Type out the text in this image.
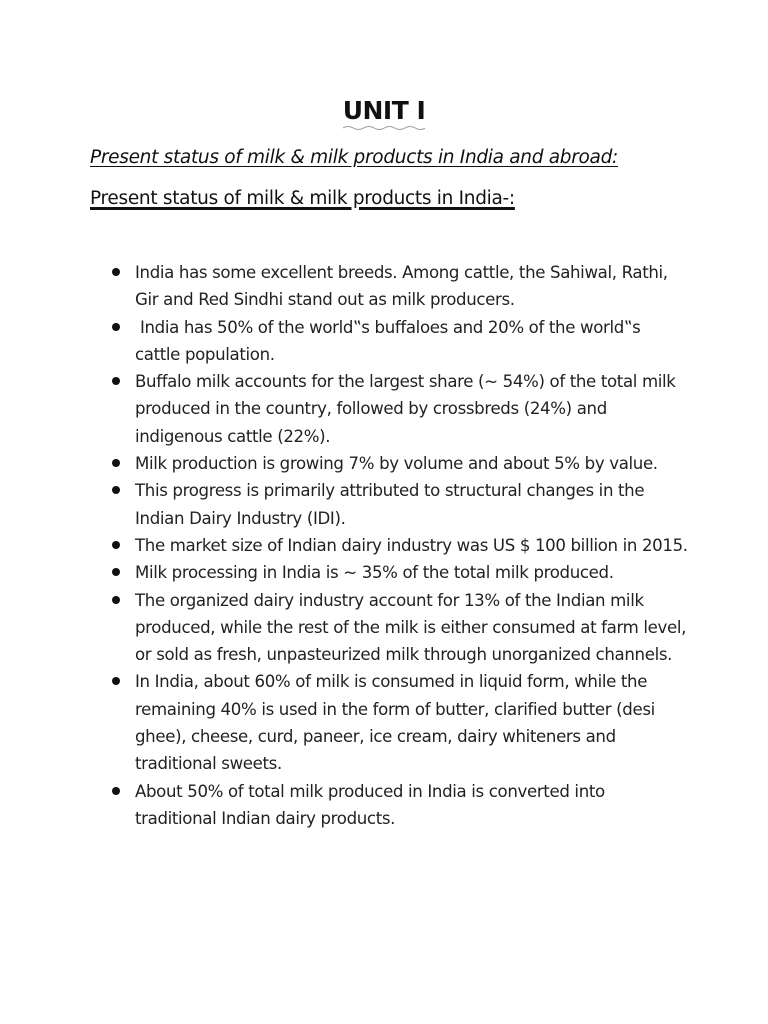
UNIT I

Present status of milk & milk products in India and abroad:

Present status of milk & milk products in India-:

India has some excellent breeds. Among cattle, the Sahiwal, Rathi, Gir and Red Sindhi stand out as milk producers.
India has 50% of the world‟s buffaloes and 20% of the world‟s cattle population.
Buffalo milk accounts for the largest share (~ 54%) of the total milk produced in the country, followed by crossbreds (24%) and indigenous cattle (22%).
Milk production is growing 7% by volume and about 5% by value.
This progress is primarily attributed to structural changes in the Indian Dairy Industry (IDI).
The market size of Indian dairy industry was US $ 100 billion in 2015.
Milk processing in India is ~ 35% of the total milk produced.
The organized dairy industry account for 13% of the Indian milk produced, while the rest of the milk is either consumed at farm level, or sold as fresh, unpasteurized milk through unorganized channels.
In India, about 60% of milk is consumed in liquid form, while the remaining 40% is used in the form of butter, clarified butter (desi ghee), cheese, curd, paneer, ice cream, dairy whiteners and traditional sweets.
About 50% of total milk produced in India is converted into traditional Indian dairy products.
